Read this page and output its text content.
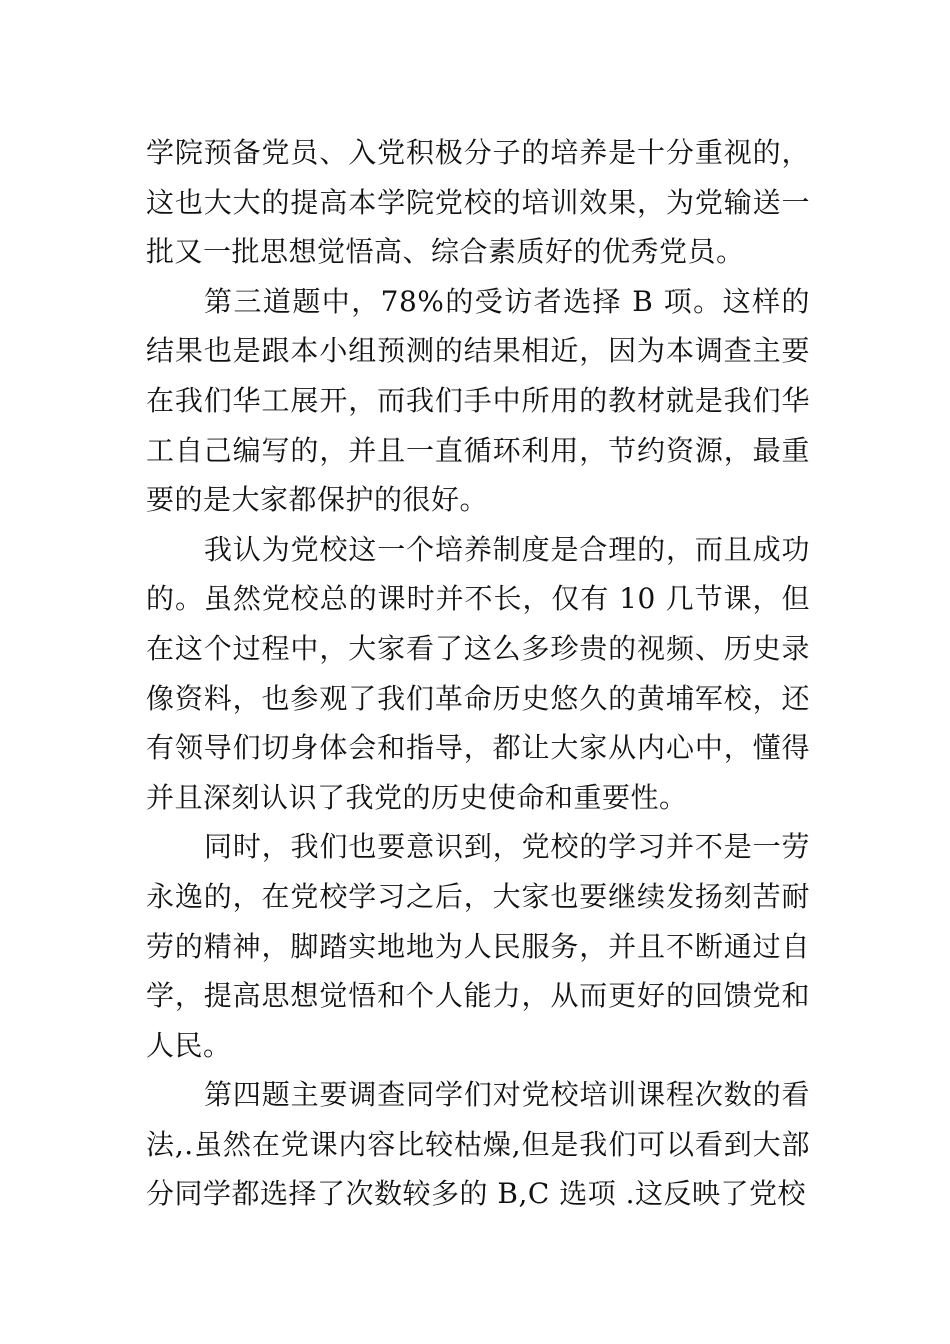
学院预备党员、入党积极分子的培养是十分重视的，这也大大的提高本学院党校的培训效果，为党输送一批又一批思想觉悟高、综合素质好的优秀党员。

第三道题中，78%的受访者选择 B 项。这样的结果也是跟本小组预测的结果相近，因为本调查主要在我们华工展开，而我们手中所用的教材就是我们华工自己编写的，并且一直循环利用，节约资源，最重要的是大家都保护的很好。

我认为党校这一个培养制度是合理的，而且成功的。虽然党校总的课时并不长，仅有 10 几节课，但在这个过程中，大家看了这么多珍贵的视频、历史录像资料，也参观了我们革命历史悠久的黄埔军校，还有领导们切身体会和指导，都让大家从内心中，懂得并且深刻认识了我党的历史使命和重要性。

同时，我们也要意识到，党校的学习并不是一劳永逸的，在党校学习之后，大家也要继续发扬刻苦耐劳的精神，脚踏实地地为人民服务，并且不断通过自学，提高思想觉悟和个人能力，从而更好的回馈党和人民。

第四题主要调查同学们对党校培训课程次数的看法,.虽然在党课内容比较枯燥,但是我们可以看到大部分同学都选择了次数较多的 B,C 选项 .这反映了党校
